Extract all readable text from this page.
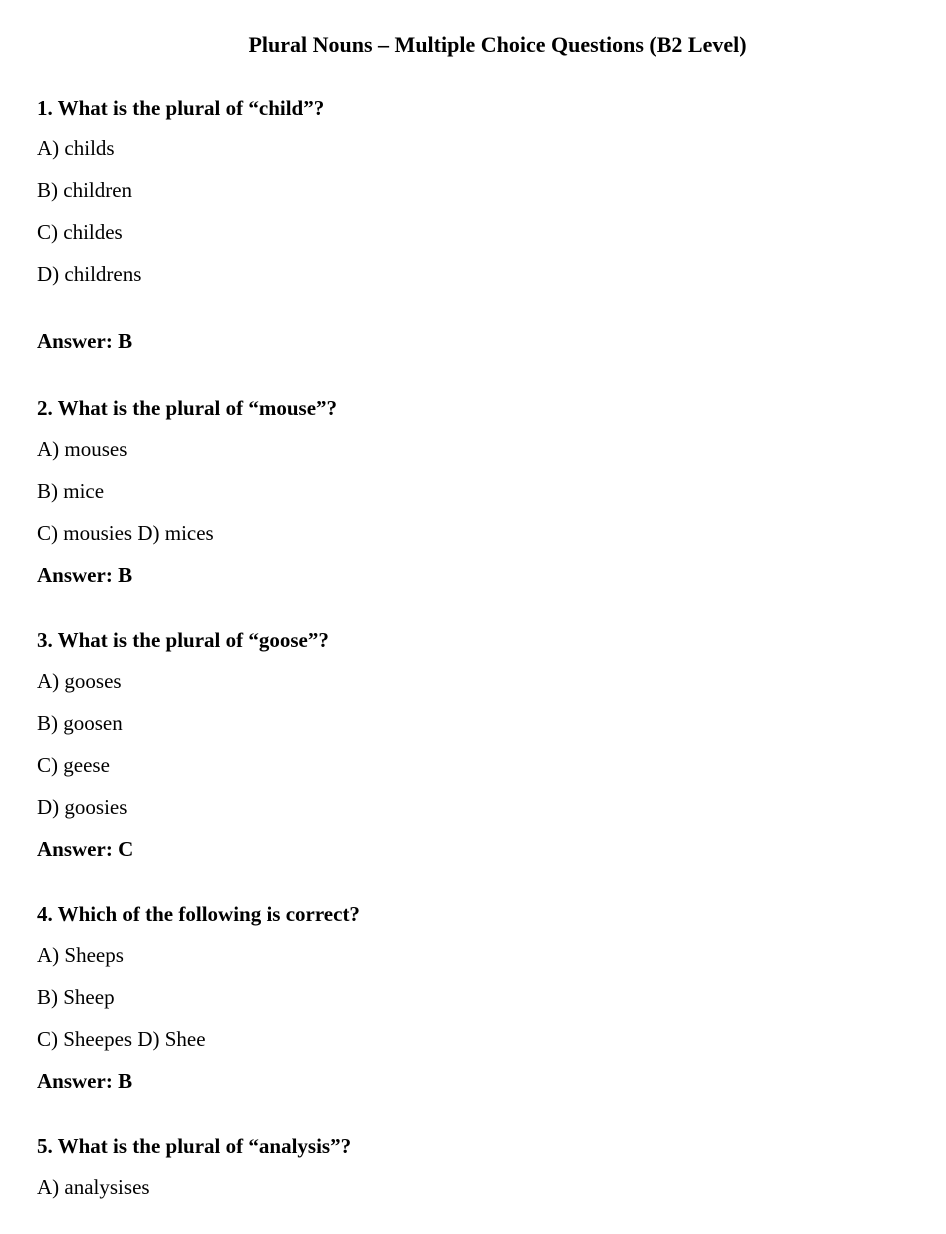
Plural Nouns – Multiple Choice Questions (B2 Level)
1. What is the plural of “child”?
A) childs
B) children
C) childes
D) childrens
Answer: B
2. What is the plural of “mouse”?
A) mouses
B) mice
C) mousies D) mices
Answer: B
3. What is the plural of “goose”?
A) gooses
B) goosen
C) geese
D) goosies
Answer: C
4. Which of the following is correct?
A) Sheeps
B) Sheep
C) Sheepes D) Shee
Answer: B
5. What is the plural of “analysis”?
A) analysises
